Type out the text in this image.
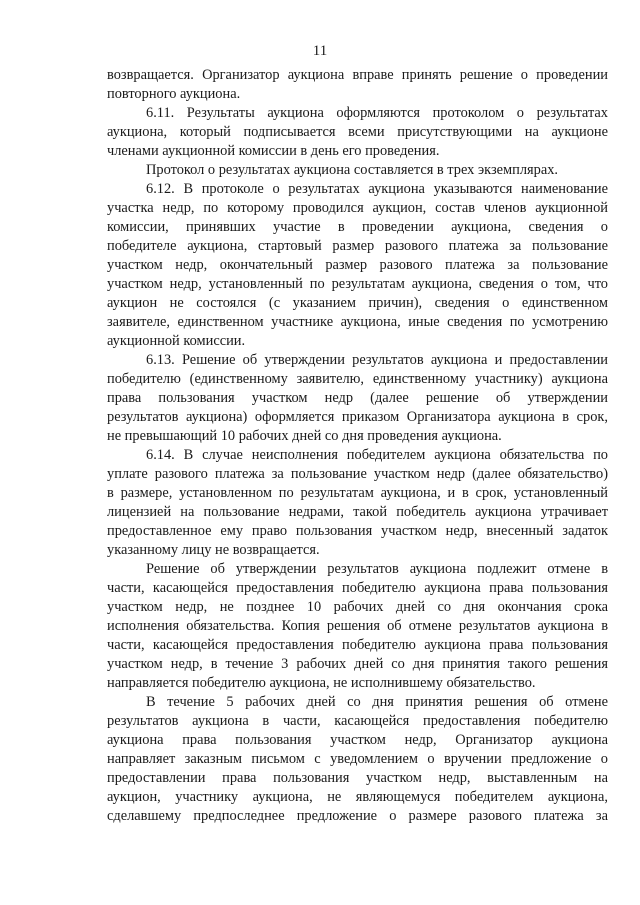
11
возвращается. Организатор аукциона вправе принять решение о проведении
повторного аукциона.
6.11. Результаты аукциона оформляются протоколом о результатах
аукциона, который подписывается всеми присутствующими на аукционе
членами аукционной комиссии в день его проведения.
Протокол о результатах аукциона составляется в трех экземплярах.
6.12. В протоколе о результатах аукциона указываются наименование
участка недр, по которому проводился аукцион, состав членов аукционной
комиссии, принявших участие в проведении аукциона, сведения о
победителе аукциона, стартовый размер разового платежа за пользование
участком недр, окончательный размер разового платежа за пользование
участком недр, установленный по результатам аукциона, сведения о том, что
аукцион не состоялся (с указанием причин), сведения о единственном
заявителе, единственном участнике аукциона, иные сведения по усмотрению
аукционной комиссии.
6.13. Решение об утверждении результатов аукциона и предоставлении
победителю (единственному заявителю, единственному участнику) аукциона
права пользования участком недр (далее решение об утверждении
результатов аукциона) оформляется приказом Организатора аукциона в срок,
не превышающий 10 рабочих дней со дня проведения аукциона.
6.14. В случае неисполнения победителем аукциона обязательства по
уплате разового платежа за пользование участком недр (далее обязательство)
в размере, установленном по результатам аукциона, и в срок, установленный
лицензией на пользование недрами, такой победитель аукциона утрачивает
предоставленное ему право пользования участком недр, внесенный задаток
указанному лицу не возвращается.
Решение об утверждении результатов аукциона подлежит отмене в
части, касающейся предоставления победителю аукциона права пользования
участком недр, не позднее 10 рабочих дней со дня окончания срока
исполнения обязательства. Копия решения об отмене результатов аукциона в
части, касающейся предоставления победителю аукциона права пользования
участком недр, в течение 3 рабочих дней со дня принятия такого решения
направляется победителю аукциона, не исполнившему обязательство.
В течение 5 рабочих дней со дня принятия решения об отмене
результатов аукциона в части, касающейся предоставления победителю
аукциона права пользования участком недр, Организатор аукциона
направляет заказным письмом с уведомлением о вручении предложение о
предоставлении права пользования участком недр, выставленным на
аукцион, участнику аукциона, не являющемуся победителем аукциона,
сделавшему предпоследнее предложение о размере разового платежа за
